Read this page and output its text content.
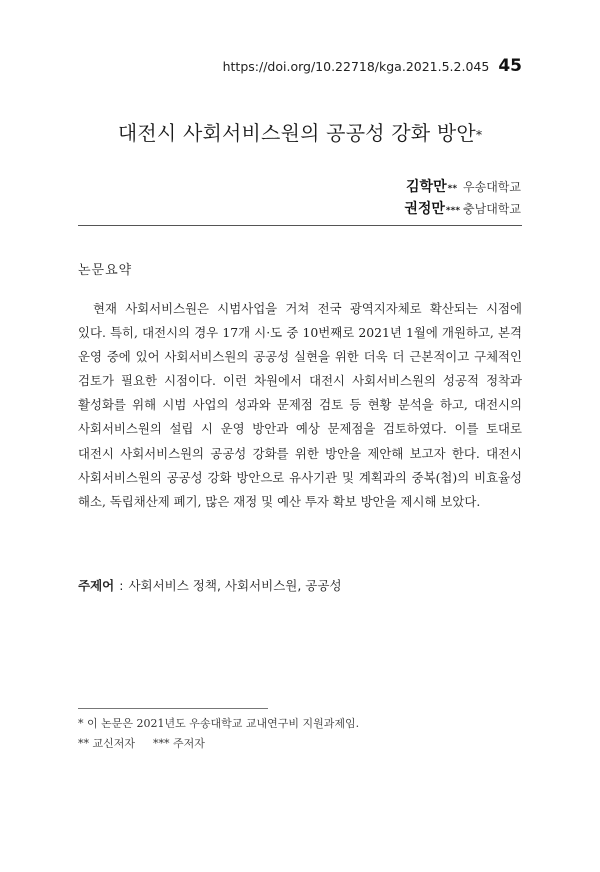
https://doi.org/10.22718/kga.2021.5.2.045 45
대전시 사회서비스원의 공공성 강화 방안*
김학만** 우송대학교
권정만*** 충남대학교
논문요약
현재 사회서비스원은 시범사업을 거쳐 전국 광역지자체로 확산되는 시점에 있다. 특히, 대전시의 경우 17개 시·도 중 10번째로 2021년 1월에 개원하고, 본격 운영 중에 있어 사회서비스원의 공공성 실현을 위한 더욱 더 근본적이고 구체적인 검토가 필요한 시점이다. 이런 차원에서 대전시 사회서비스원의 성공적 정착과 활성화를 위해 시범 사업의 성과와 문제점 검토 등 현황 분석을 하고, 대전시의 사회서비스원의 설립 시 운영 방안과 예상 문제점을 검토하였다. 이를 토대로 대전시 사회서비스원의 공공성 강화를 위한 방안을 제안해 보고자 한다. 대전시 사회서비스원의 공공성 강화 방안으로 유사기관 및 계획과의 중복(첩)의 비효율성 해소, 독립채산제 폐기, 많은 재정 및 예산 투자 확보 방안을 제시해 보았다.
주제어 : 사회서비스 정책, 사회서비스원, 공공성
* 이 논문은 2021년도 우송대학교 교내연구비 지원과제임.
** 교신저자 *** 주저자
